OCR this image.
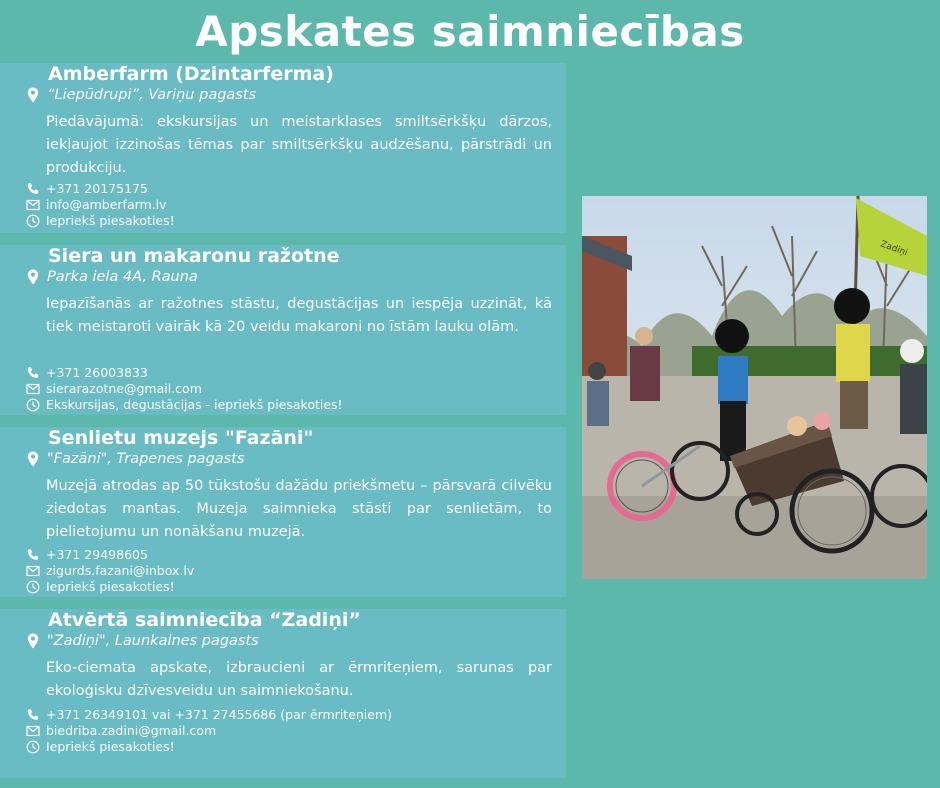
Apskates saimniecības
Amberfarm (Dzintarferma)
“Liepūdrupi”, Variņu pagasts

Piedāvājumā: ekskursijas un meistarklases smiltsērkšķu dārzos, iekļaujot izzinošas tēmas par smiltsērkšķu audzēšanu, pārstrādi un produkciju.

+371 20175175
info@amberfarm.lv
Iepriekš piesakoties!
Siera un makaronu ražotne
Parka iela 4A, Rauna

Iepazīšanās ar ražotnes stāstu, degustācijas un iespēja uzzināt, kā tiek meistaroti vairāk kā 20 veidu makaroni no īstām lauku olām.

+371 26003833
sierarazotne@gmail.com
Ekskursijas, degustācijas - iepriekš piesakoties!
Senlietu muzejs "Fazāni"
"Fazāni", Trapenes pagasts

Muzejā atrodas ap 50 tūkstošu dažādu priekšmetu – pārsvarā cilvēku ziedotas mantas. Muzeja saimnieka stāsti par senlietām, to pielietojumu un nonākšanu muzejā.

+371 29498605
zigurds.fazani@inbox.lv
Iepriekš piesakoties!
Atvērtā saimniecība “Zadiņi”
"Zadiņi", Launkalnes pagasts

Eko-ciemata apskate, izbraucieni ar ērmriteņiem, sarunas par ekoloģisku dzīvesveidu un saimniekošanu.

+371 26349101 vai +371 27455686 (par ērmriteņiem)
biedriba.zadini@gmail.com
Iepriekš piesakoties!
Zadiņi
